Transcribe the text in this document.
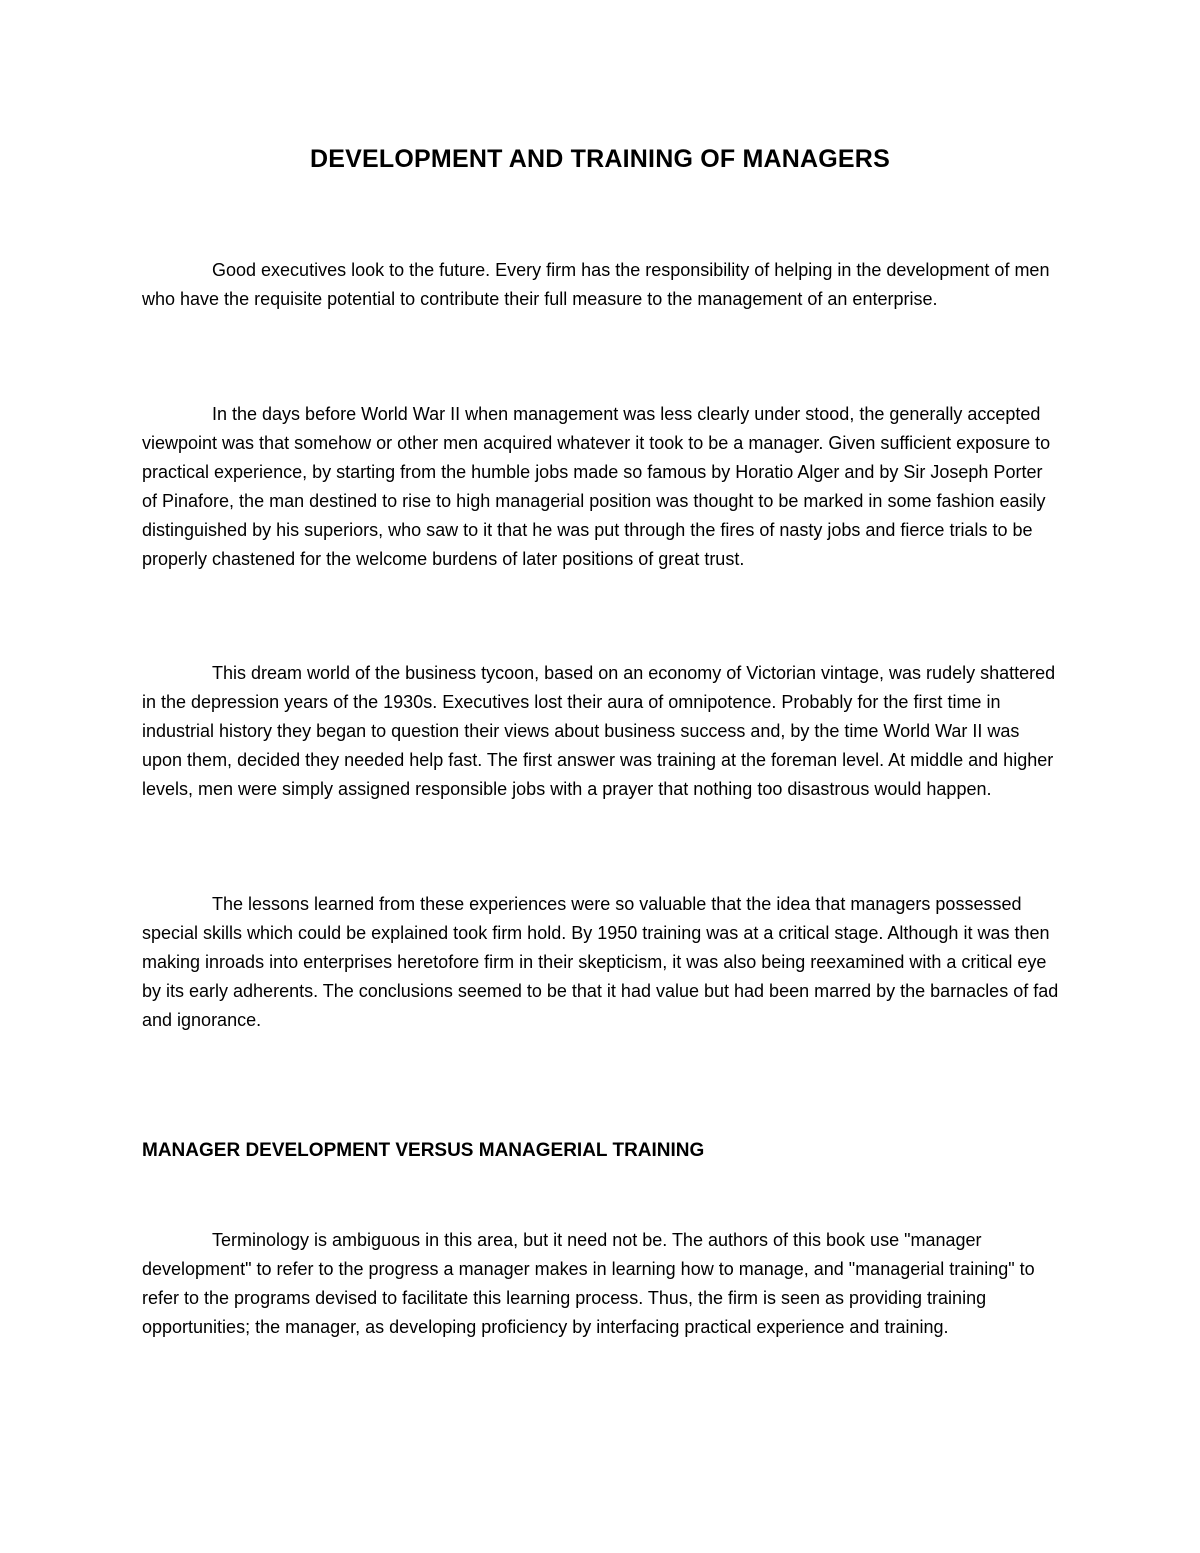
DEVELOPMENT AND TRAINING OF MANAGERS

Good executives look to the future. Every firm has the responsibility of helping in the development of men who have the requisite potential to contribute their full measure to the management of an enterprise.

In the days before World War II when management was less clearly under stood, the generally accepted viewpoint was that somehow or other men acquired whatever it took to be a manager. Given sufficient exposure to practical experience, by starting from the humble jobs made so famous by Horatio Alger and by Sir Joseph Porter of Pinafore, the man destined to rise to high managerial position was thought to be marked in some fashion easily distinguished by his superiors, who saw to it that he was put through the fires of nasty jobs and fierce trials to be properly chastened for the welcome burdens of later positions of great trust.

This dream world of the business tycoon, based on an economy of Victorian vintage, was rudely shattered in the depression years of the 1930s. Executives lost their aura of omnipotence. Probably for the first time in industrial history they began to question their views about business success and, by the time World War II was upon them, decided they needed help fast. The first answer was training at the foreman level. At middle and higher levels, men were simply assigned responsible jobs with a prayer that nothing too disastrous would happen.

The lessons learned from these experiences were so valuable that the idea that managers possessed special skills which could be explained took firm hold. By 1950 training was at a critical stage. Although it was then making inroads into enterprises heretofore firm in their skepticism, it was also being reexamined with a critical eye by its early adherents. The conclusions seemed to be that it had value but had been marred by the barnacles of fad and ignorance.

MANAGER DEVELOPMENT VERSUS MANAGERIAL TRAINING

Terminology is ambiguous in this area, but it need not be. The authors of this book use "manager development" to refer to the progress a manager makes in learning how to manage, and "managerial training" to refer to the programs devised to facilitate this learning process. Thus, the firm is seen as providing training opportunities; the manager, as developing proficiency by interfacing practical experience and training.
